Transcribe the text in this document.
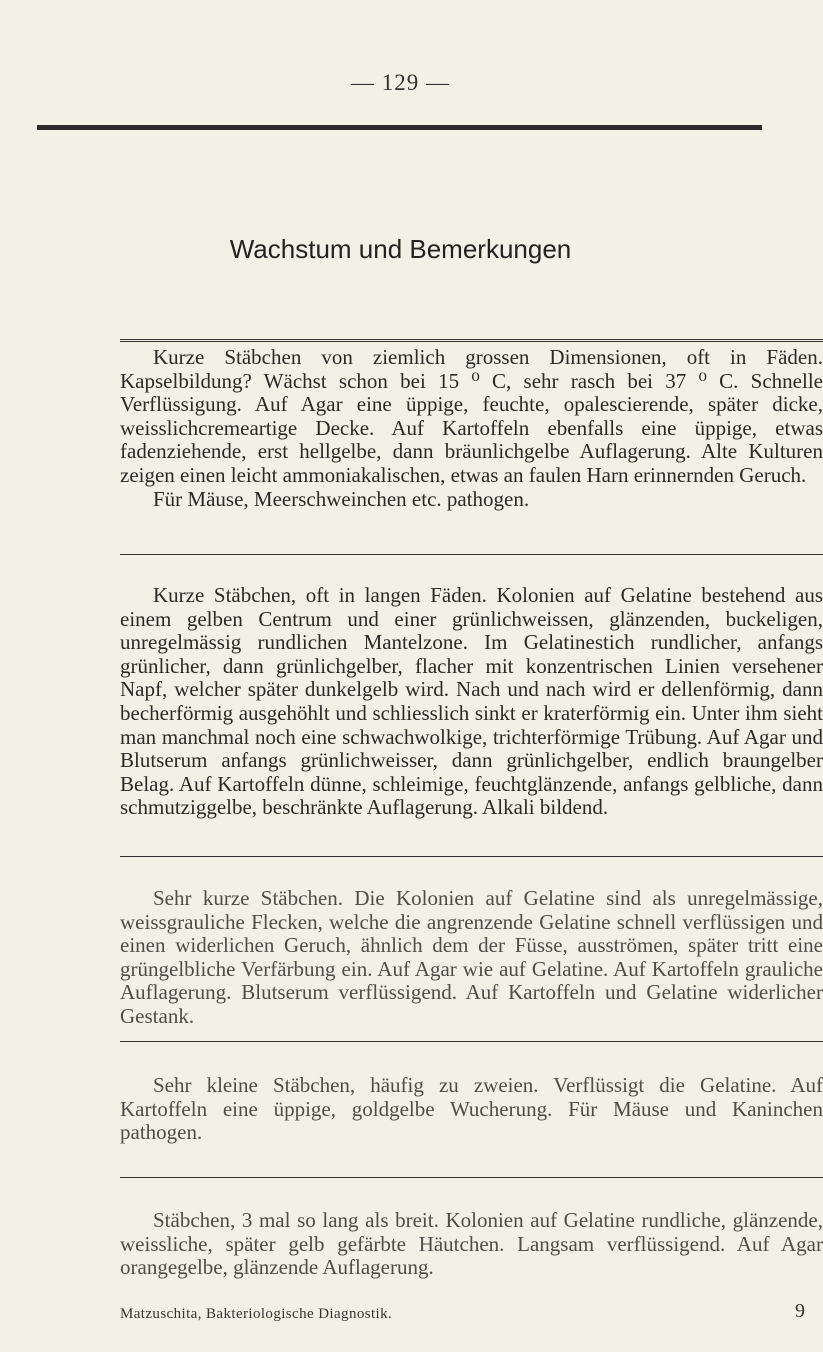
— 129 —
Wachstum und Bemerkungen

Kurze Stäbchen von ziemlich grossen Dimensionen, oft in Fäden. Kapselbildung? Wächst schon bei 15 ⁰ C, sehr rasch bei 37 ⁰ C. Schnelle Verflüssigung. Auf Agar eine üppige, feuchte, opalescierende, später dicke, weisslichcremeartige Decke. Auf Kartoffeln ebenfalls eine üppige, etwas fadenziehende, erst hellgelbe, dann bräunlichgelbe Auflagerung. Alte Kulturen zeigen einen leicht ammoniakalischen, etwas an faulen Harn erinnernden Geruch.

Für Mäuse, Meerschweinchen etc. pathogen.

Kurze Stäbchen, oft in langen Fäden. Kolonien auf Gelatine bestehend aus einem gelben Centrum und einer grünlichweissen, glänzenden, buckeligen, unregelmässig rundlichen Mantelzone. Im Gelatinestich rundlicher, anfangs grünlicher, dann grünlichgelber, flacher mit konzentrischen Linien versehener Napf, welcher später dunkelgelb wird. Nach und nach wird er dellenförmig, dann becherförmig ausgehöhlt und schliesslich sinkt er kraterförmig ein. Unter ihm sieht man manchmal noch eine schwachwolkige, trichterförmige Trübung. Auf Agar und Blutserum anfangs grünlichweisser, dann grünlichgelber, endlich braungelber Belag. Auf Kartoffeln dünne, schleimige, feuchtglänzende, anfangs gelbliche, dann schmutziggelbe, beschränkte Auflagerung. Alkali bildend.

Sehr kurze Stäbchen. Die Kolonien auf Gelatine sind als unregelmässige, weissgrauliche Flecken, welche die angrenzende Gelatine schnell verflüssigen und einen widerlichen Geruch, ähnlich dem der Füsse, ausströmen, später tritt eine grüngelbliche Verfärbung ein. Auf Agar wie auf Gelatine. Auf Kartoffeln grauliche Auflagerung. Blutserum verflüssigend. Auf Kartoffeln und Gelatine widerlicher Gestank.

Sehr kleine Stäbchen, häufig zu zweien. Verflüssigt die Gelatine. Auf Kartoffeln eine üppige, goldgelbe Wucherung. Für Mäuse und Kaninchen pathogen.

Stäbchen, 3 mal so lang als breit. Kolonien auf Gelatine rundliche, glänzende, weissliche, später gelb gefärbte Häutchen. Langsam verflüssigend. Auf Agar orangegelbe, glänzende Auflagerung.

Matzuschita, Bakteriologische Diagnostik.	9
